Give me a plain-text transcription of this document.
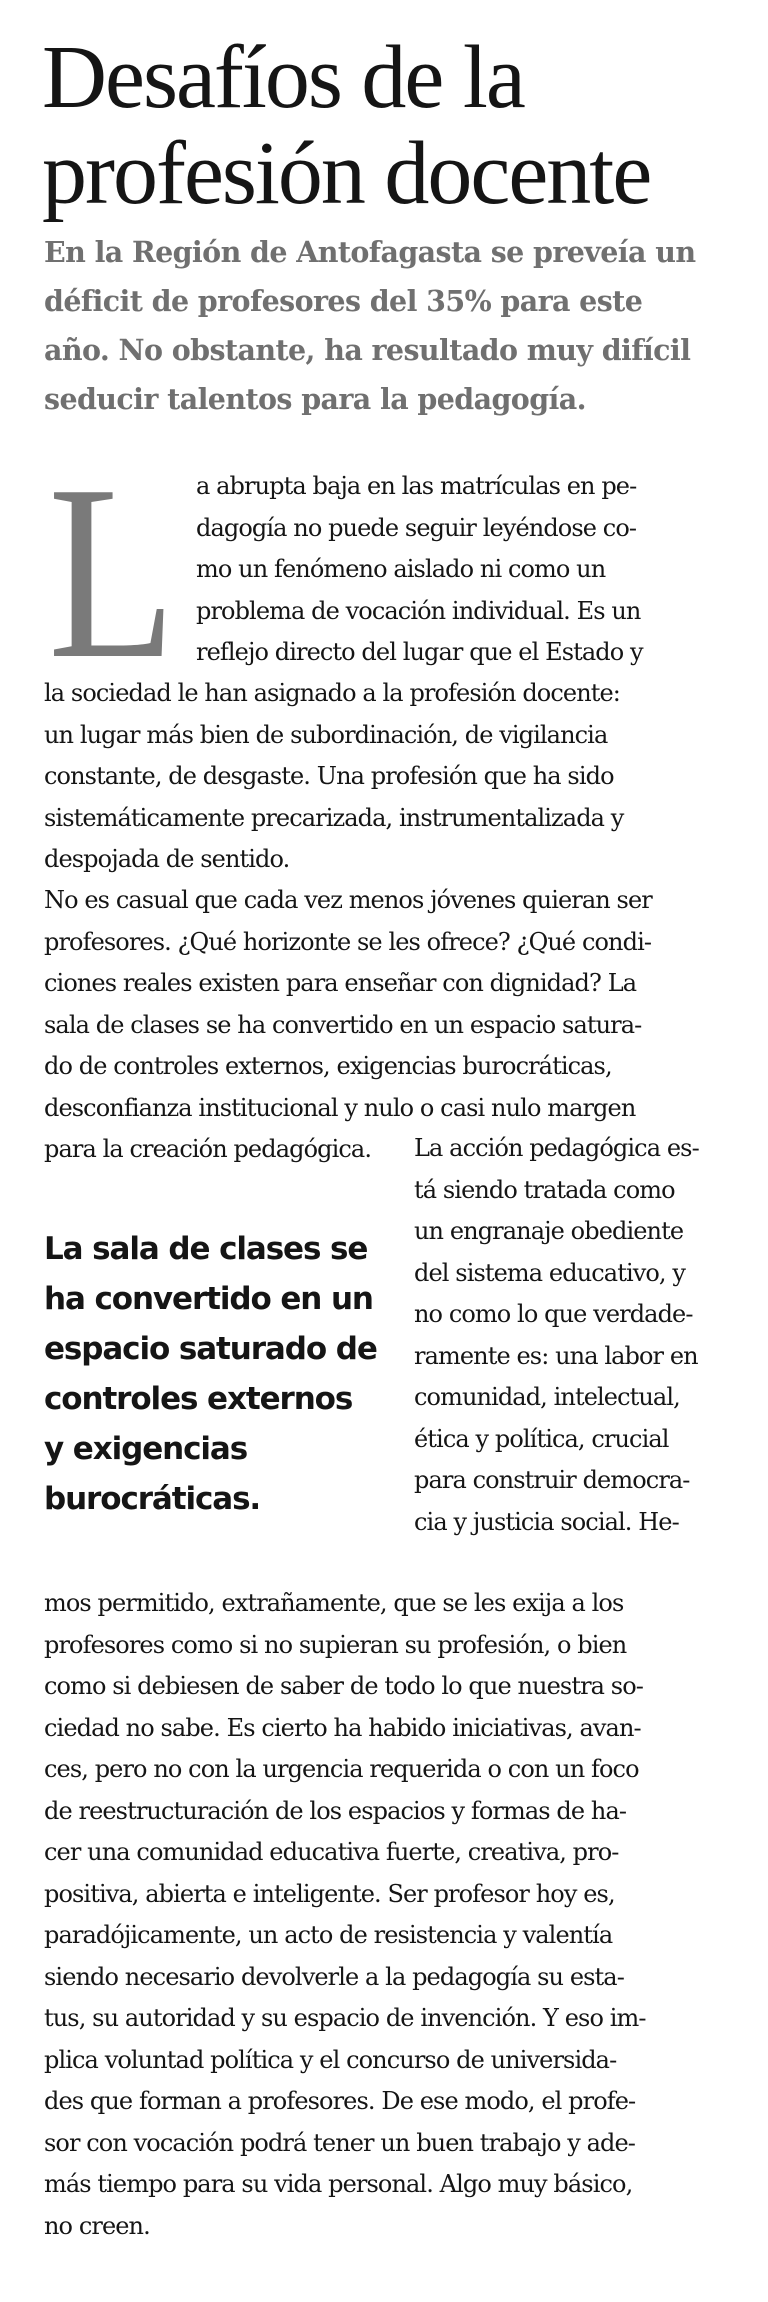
Desafíos de la
profesión docente
En la Región de Antofagasta se preveía un
déficit de profesores del 35% para este
año. No obstante, ha resultado muy difícil
seducir talentos para la pedagogía.
L a abrupta baja en las matrículas en pe-
dagogía no puede seguir leyéndose co-
mo un fenómeno aislado ni como un
problema de vocación individual. Es un
reflejo directo del lugar que el Estado y
la sociedad le han asignado a la profesión docente:
un lugar más bien de subordinación, de vigilancia
constante, de desgaste. Una profesión que ha sido
sistemáticamente precarizada, instrumentalizada y
despojada de sentido.
No es casual que cada vez menos jóvenes quieran ser
profesores. ¿Qué horizonte se les ofrece? ¿Qué condi-
ciones reales existen para enseñar con dignidad? La
sala de clases se ha convertido en un espacio satura-
do de controles externos, exigencias burocráticas,
desconfianza institucional y nulo o casi nulo margen
para la creación pedagógica.
La sala de clases se
ha convertido en un
espacio saturado de
controles externos
y exigencias
burocráticas.
La acción pedagógica es-
tá siendo tratada como
un engranaje obediente
del sistema educativo, y
no como lo que verdade-
ramente es: una labor en
comunidad, intelectual,
ética y política, crucial
para construir democra-
cia y justicia social. He-
mos permitido, extrañamente, que se les exija a los
profesores como si no supieran su profesión, o bien
como si debiesen de saber de todo lo que nuestra so-
ciedad no sabe. Es cierto ha habido iniciativas, avan-
ces, pero no con la urgencia requerida o con un foco
de reestructuración de los espacios y formas de ha-
cer una comunidad educativa fuerte, creativa, pro-
positiva, abierta e inteligente. Ser profesor hoy es,
paradójicamente, un acto de resistencia y valentía
siendo necesario devolverle a la pedagogía su esta-
tus, su autoridad y su espacio de invención. Y eso im-
plica voluntad política y el concurso de universida-
des que forman a profesores. De ese modo, el profe-
sor con vocación podrá tener un buen trabajo y ade-
más tiempo para su vida personal. Algo muy básico,
no creen.
